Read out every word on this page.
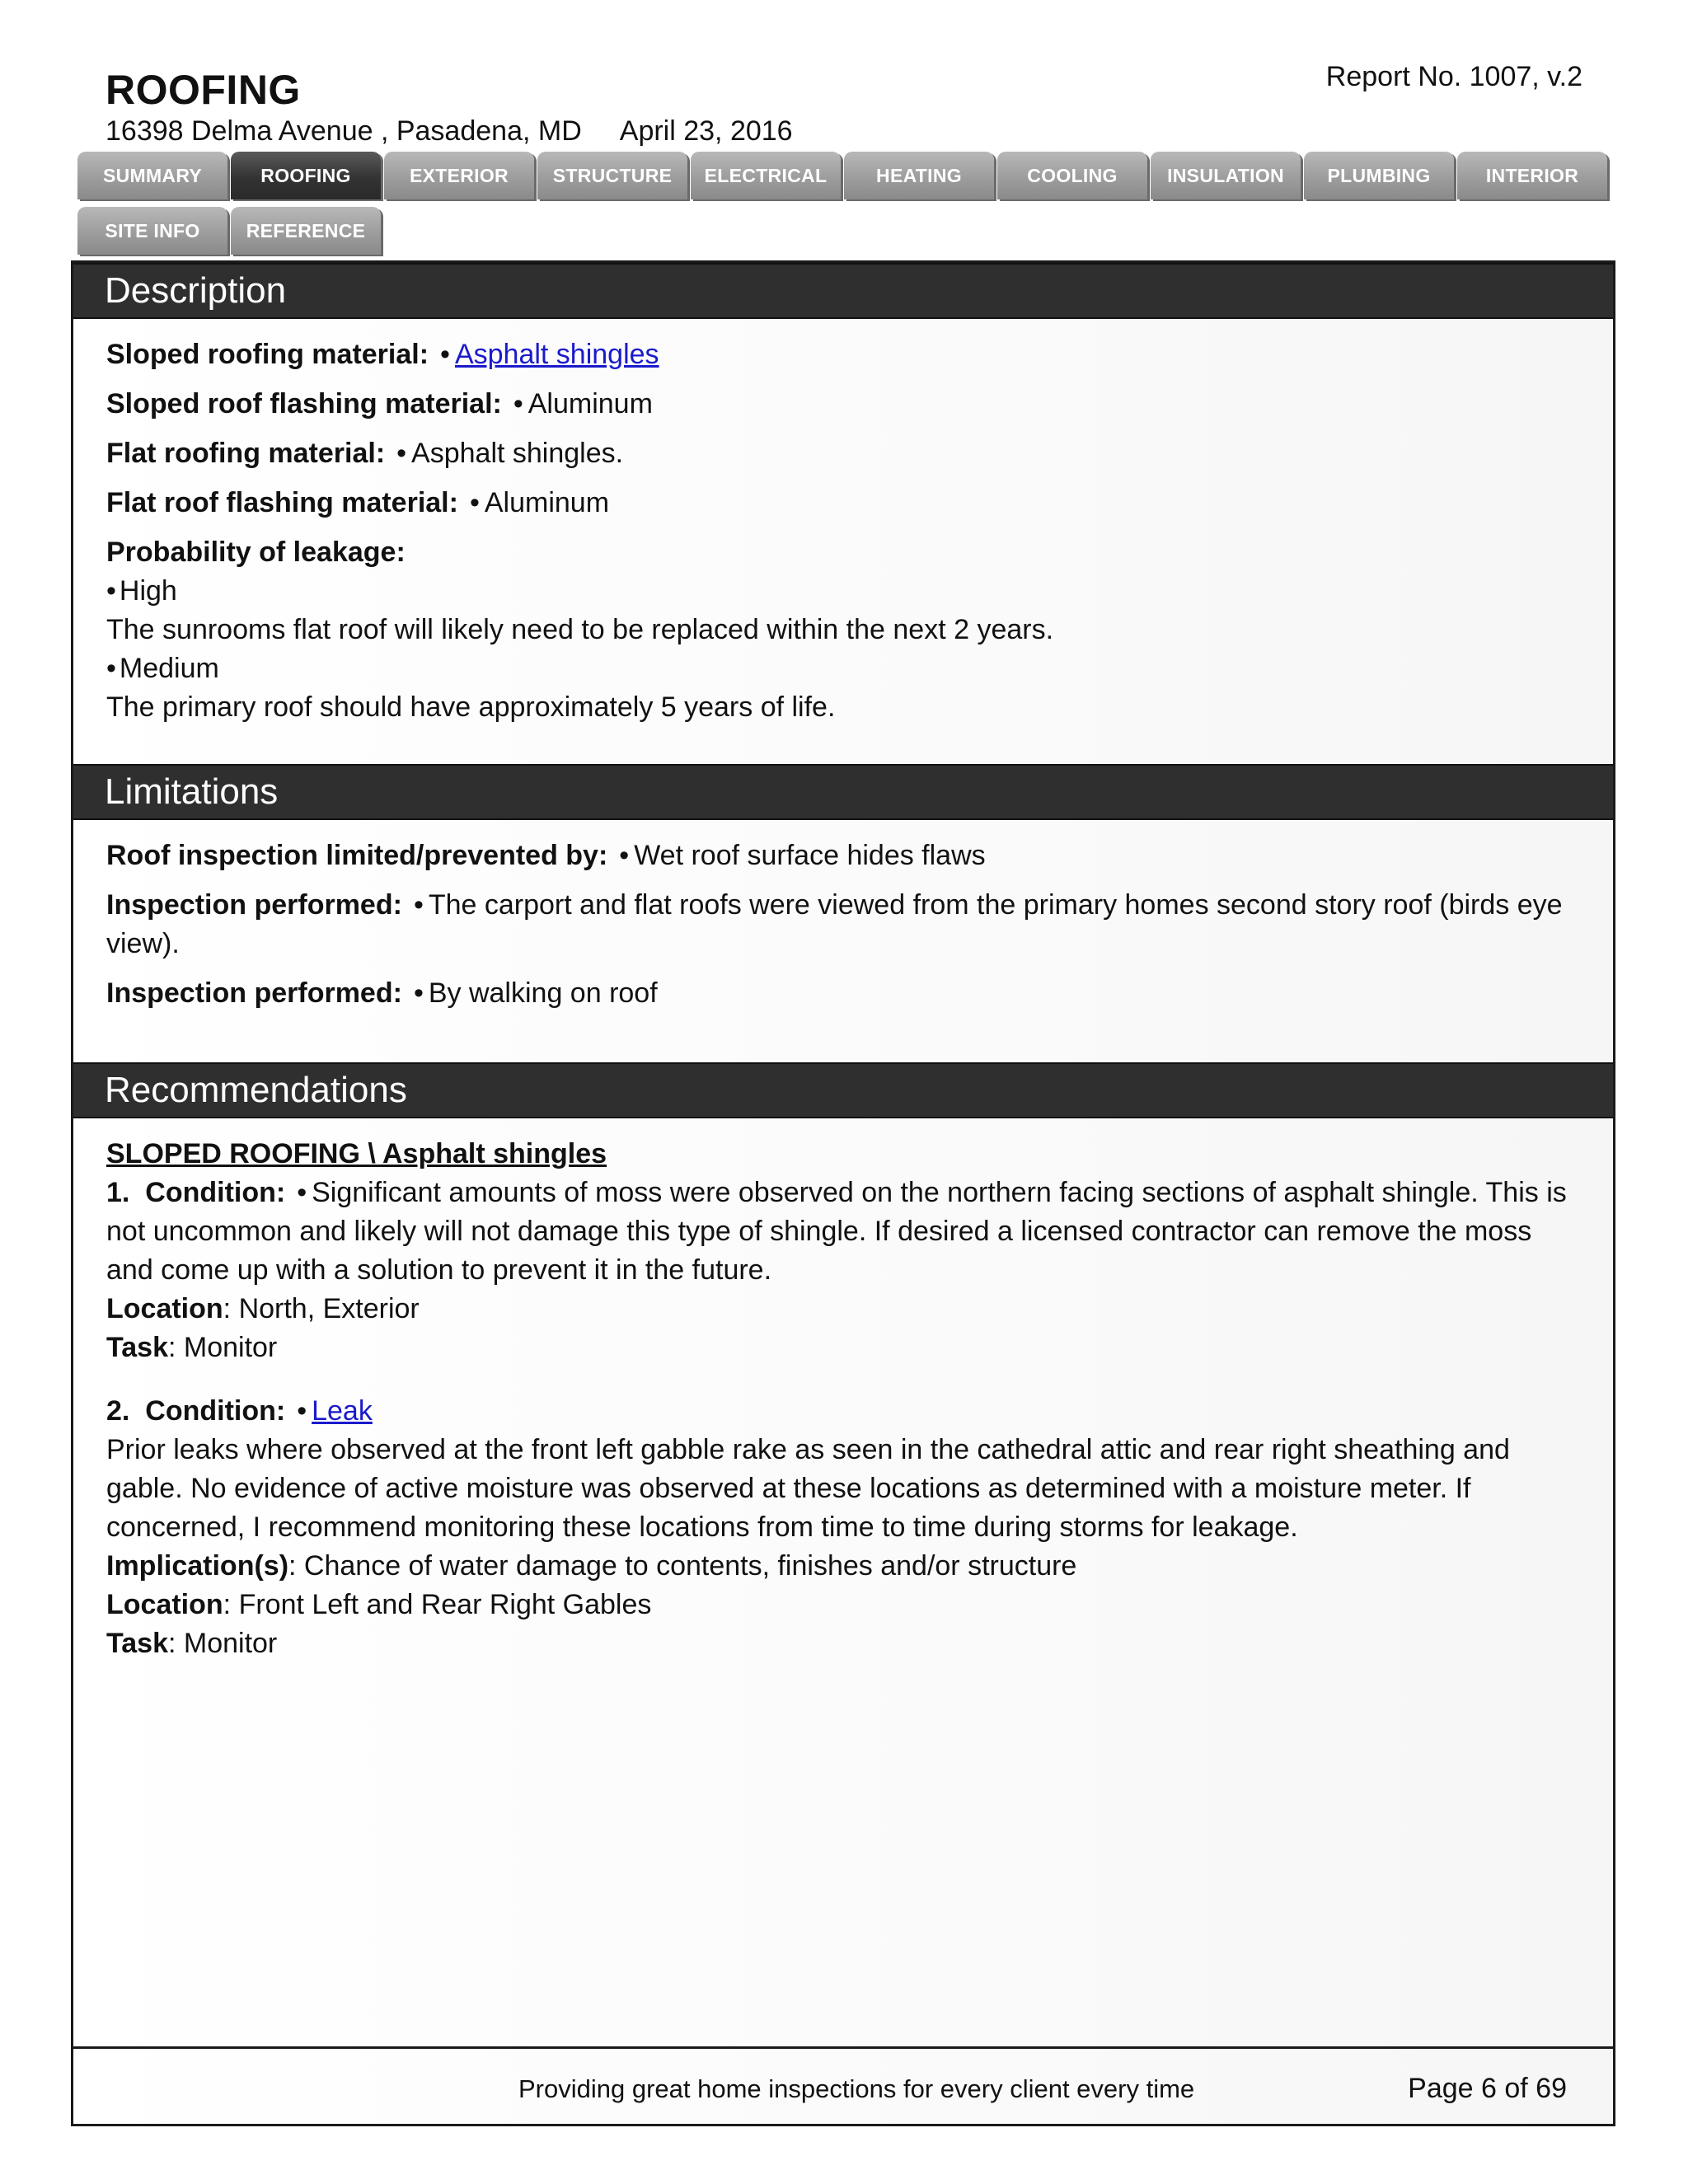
ROOFING	Report No. 1007, v.2
16398 Delma Avenue , Pasadena, MD April 23, 2016
SUMMARY	ROOFING	EXTERIOR	STRUCTURE	ELECTRICAL	HEATING	COOLING	INSULATION	PLUMBING	INTERIOR
SITE INFO	REFERENCE
Description
Sloped roofing material: • Asphalt shingles
Sloped roof flashing material: • Aluminum
Flat roofing material: • Asphalt shingles.
Flat roof flashing material: • Aluminum
Probability of leakage:
• High
The sunrooms flat roof will likely need to be replaced within the next 2 years.
• Medium
The primary roof should have approximately 5 years of life.
Limitations
Roof inspection limited/prevented by: • Wet roof surface hides flaws
Inspection performed: • The carport and flat roofs were viewed from the primary homes second story roof (birds eye view).
Inspection performed: • By walking on roof
Recommendations
SLOPED ROOFING \ Asphalt shingles
1. Condition: • Significant amounts of moss were observed on the northern facing sections of asphalt shingle. This is not uncommon and likely will not damage this type of shingle. If desired a licensed contractor can remove the moss and come up with a solution to prevent it in the future.
Location: North, Exterior
Task: Monitor
2. Condition: • Leak
Prior leaks where observed at the front left gabble rake as seen in the cathedral attic and rear right sheathing and gable. No evidence of active moisture was observed at these locations as determined with a moisture meter. If concerned, I recommend monitoring these locations from time to time during storms for leakage.
Implication(s): Chance of water damage to contents, finishes and/or structure
Location: Front Left and Rear Right Gables
Task: Monitor
Providing great home inspections for every client every time	Page 6 of 69
